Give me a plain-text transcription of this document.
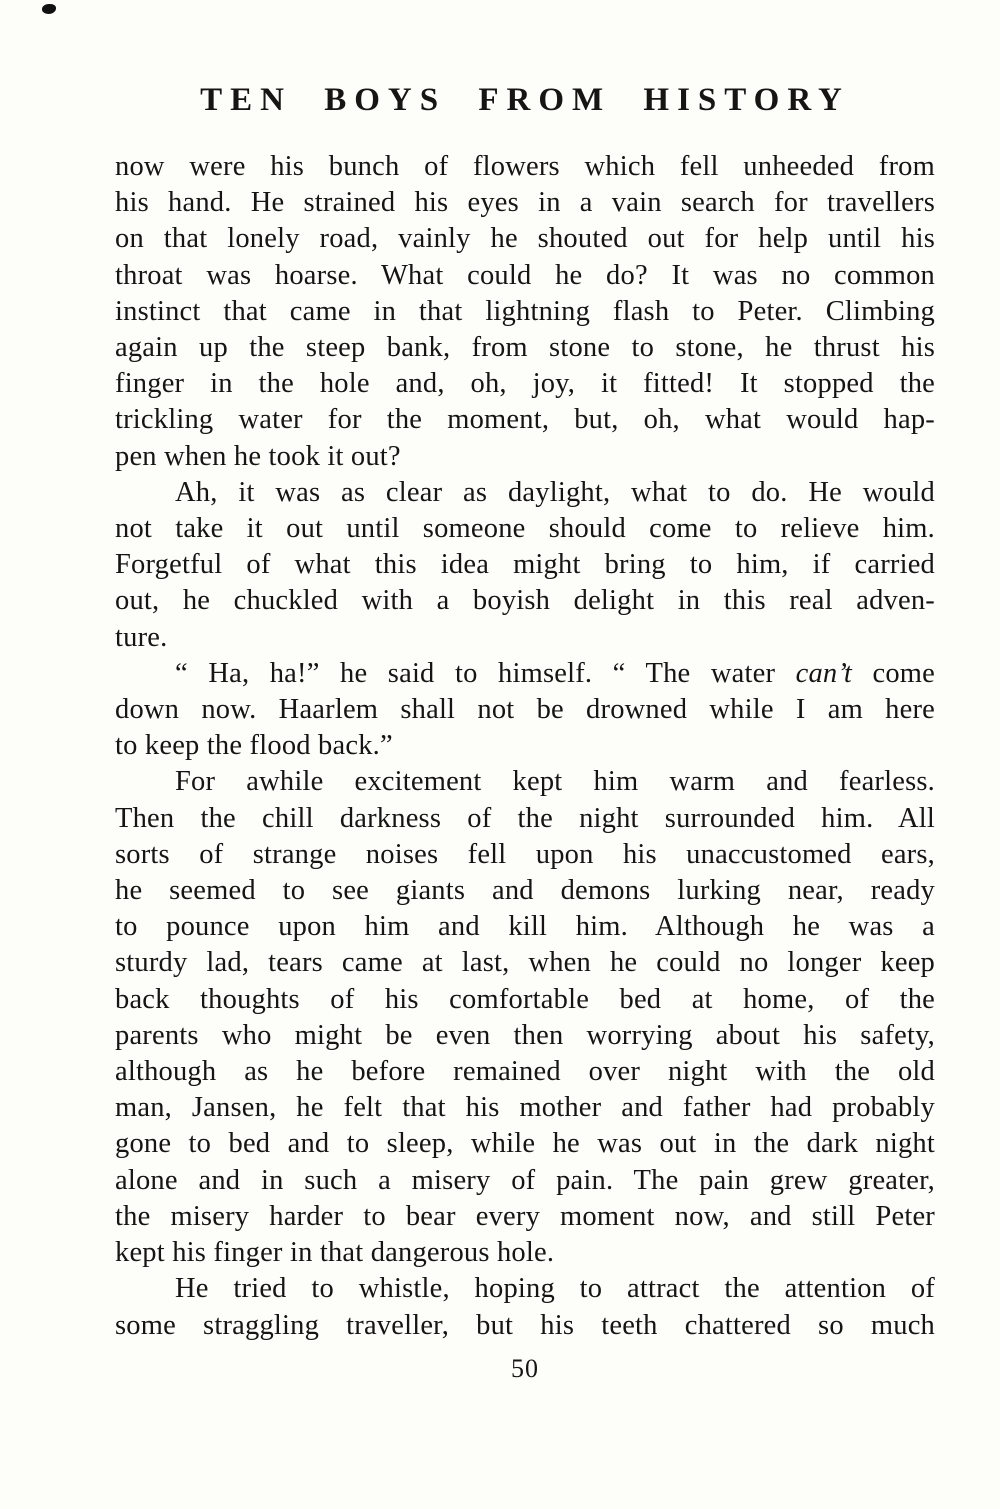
TEN BOYS FROM HISTORY

now were his bunch of flowers which fell unheeded from
his hand. He strained his eyes in a vain search for travellers
on that lonely road, vainly he shouted out for help until his
throat was hoarse. What could he do? It was no common
instinct that came in that lightning flash to Peter. Climbing
again up the steep bank, from stone to stone, he thrust his
finger in the hole and, oh, joy, it fitted! It stopped the
trickling water for the moment, but, oh, what would hap-
pen when he took it out?

Ah, it was as clear as daylight, what to do. He would
not take it out until someone should come to relieve him.
Forgetful of what this idea might bring to him, if carried
out, he chuckled with a boyish delight in this real adven-
ture.

“ Ha, ha!” he said to himself. “ The water can’t come
down now. Haarlem shall not be drowned while I am here
to keep the flood back.”

For awhile excitement kept him warm and fearless.
Then the chill darkness of the night surrounded him. All
sorts of strange noises fell upon his unaccustomed ears,
he seemed to see giants and demons lurking near, ready
to pounce upon him and kill him. Although he was a
sturdy lad, tears came at last, when he could no longer keep
back thoughts of his comfortable bed at home, of the
parents who might be even then worrying about his safety,
although as he before remained over night with the old
man, Jansen, he felt that his mother and father had probably
gone to bed and to sleep, while he was out in the dark night
alone and in such a misery of pain. The pain grew greater,
the misery harder to bear every moment now, and still Peter
kept his finger in that dangerous hole.

He tried to whistle, hoping to attract the attention of
some straggling traveller, but his teeth chattered so much

50
